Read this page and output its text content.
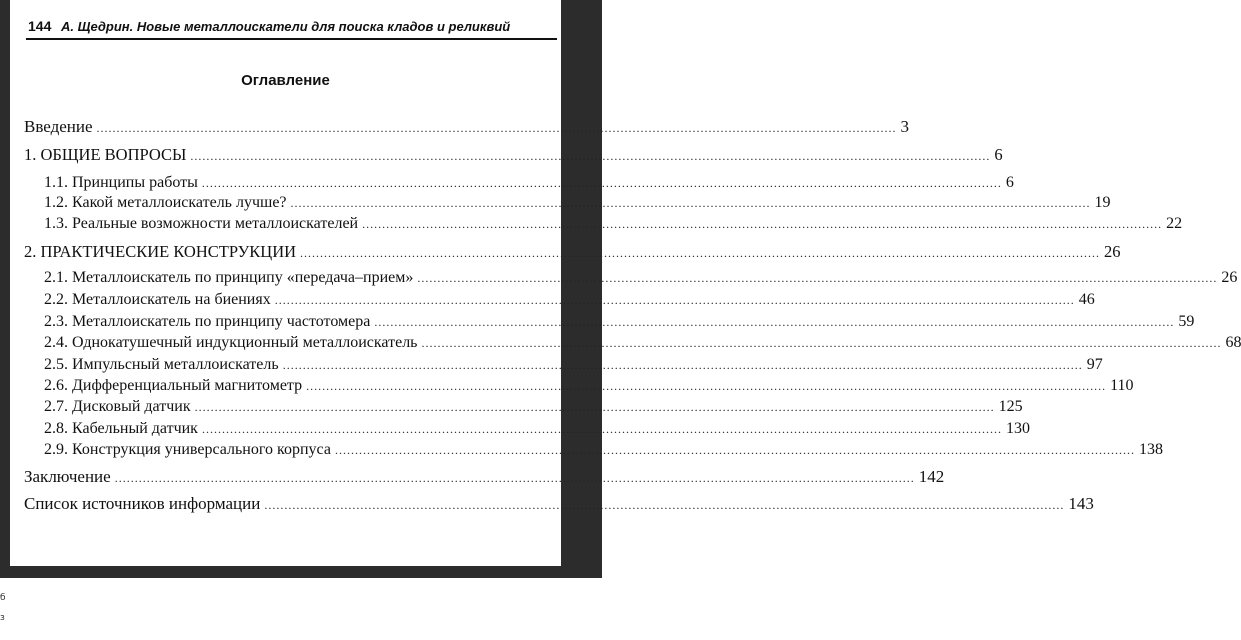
144 А. Щедрин. Новые металлоискатели для поиска кладов и реликвий
Оглавление
Введение ........................................................................................................................................................................................................ 3
1. ОБЩИЕ ВОПРОСЫ ........................................................................................................................................................................................................ 6
1.1. Принципы работы ........................................................................................................................................................................................................ 6
1.2. Какой металлоискатель лучше? ........................................................................................................................................................................................................ 19
1.3. Реальные возможности металлоискателей ........................................................................................................................................................................................................ 22
2. ПРАКТИЧЕСКИЕ КОНСТРУКЦИИ ........................................................................................................................................................................................................ 26
2.1. Металлоискатель по принципу «передача–прием» ........................................................................................................................................................................................................ 26
2.2. Металлоискатель на биениях ........................................................................................................................................................................................................ 46
2.3. Металлоискатель по принципу частотомера ........................................................................................................................................................................................................ 59
2.4. Однокатушечный индукционный металлоискатель ........................................................................................................................................................................................................ 68
2.5. Импульсный металлоискатель ........................................................................................................................................................................................................ 97
2.6. Дифференциальный магнитометр ........................................................................................................................................................................................................ 110
2.7. Дисковый датчик ........................................................................................................................................................................................................ 125
2.8. Кабельный датчик ........................................................................................................................................................................................................ 130
2.9. Конструкция универсального корпуса ........................................................................................................................................................................................................ 138
Заключение ........................................................................................................................................................................................................ 142
Список источников информации ........................................................................................................................................................................................................ 143
б
з
